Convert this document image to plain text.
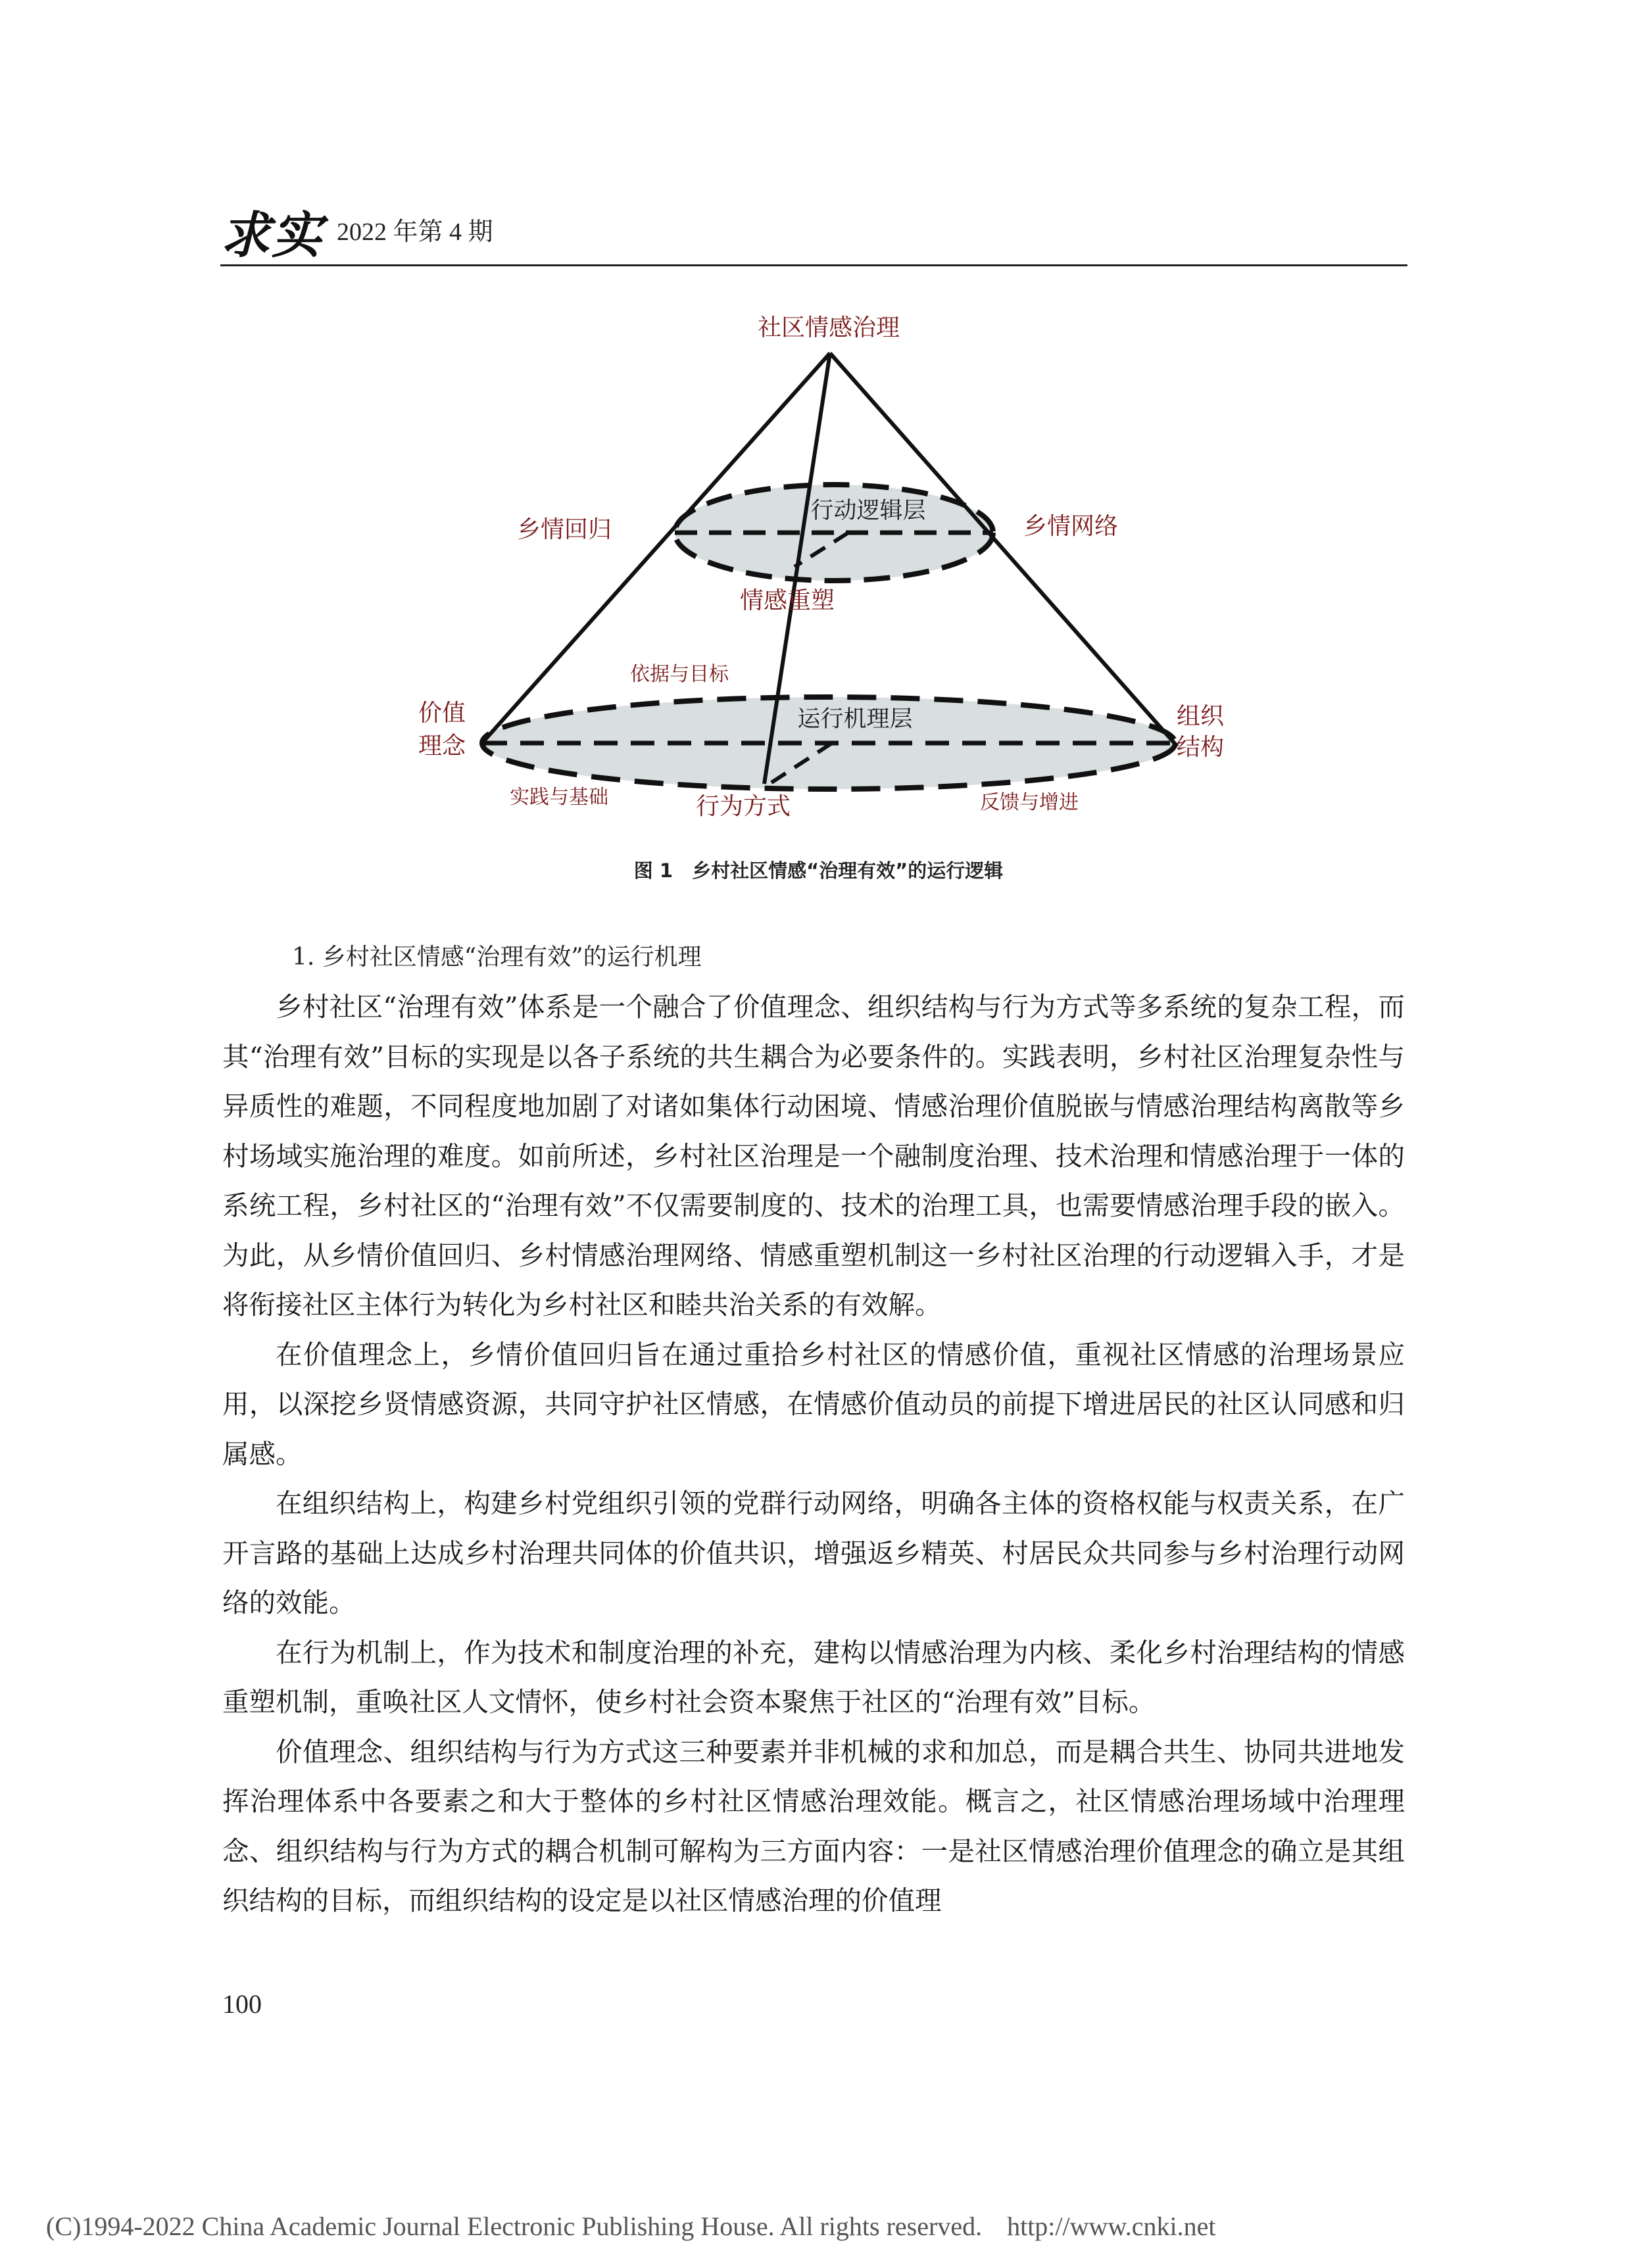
求实 2022 年第 4 期
社区情感治理
行动逻辑层
乡情回归	乡情网络
情感重塑
依据与目标
运行机理层
价值
理念
组织
结构
行为方式
实践与基础	反馈与增进
图 1　乡村社区情感“治理有效”的运行逻辑
1. 乡村社区情感“治理有效”的运行机理

乡村社区“治理有效”体系是一个融合了价值理念、组织结构与行为方式等多系统的复杂工程，而其“治理有效”目标的实现是以各子系统的共生耦合为必要条件的。实践表明，乡村社区治理复杂性与异质性的难题，不同程度地加剧了对诸如集体行动困境、情感治理价值脱嵌与情感治理结构离散等乡村场域实施治理的难度。如前所述，乡村社区治理是一个融制度治理、技术治理和情感治理于一体的系统工程，乡村社区的“治理有效”不仅需要制度的、技术的治理工具，也需要情感治理手段的嵌入。为此，从乡情价值回归、乡村情感治理网络、情感重塑机制这一乡村社区治理的行动逻辑入手，才是将衔接社区主体行为转化为乡村社区和睦共治关系的有效解。

在价值理念上，乡情价值回归旨在通过重拾乡村社区的情感价值，重视社区情感的治理场景应用，以深挖乡贤情感资源，共同守护社区情感，在情感价值动员的前提下增进居民的社区认同感和归属感。

在组织结构上，构建乡村党组织引领的党群行动网络，明确各主体的资格权能与权责关系，在广开言路的基础上达成乡村治理共同体的价值共识，增强返乡精英、村居民众共同参与乡村治理行动网络的效能。

在行为机制上，作为技术和制度治理的补充，建构以情感治理为内核、柔化乡村治理结构的情感重塑机制，重唤社区人文情怀，使乡村社会资本聚焦于社区的“治理有效”目标。

价值理念、组织结构与行为方式这三种要素并非机械的求和加总，而是耦合共生、协同共进地发挥治理体系中各要素之和大于整体的乡村社区情感治理效能。概言之，社区情感治理场域中治理理念、组织结构与行为方式的耦合机制可解构为三方面内容：一是社区情感治理价值理念的确立是其组织结构的目标，而组织结构的设定是以社区情感治理的价值理

100
(C)1994-2022 China Academic Journal Electronic Publishing House. All rights reserved. http://www.cnki.net
